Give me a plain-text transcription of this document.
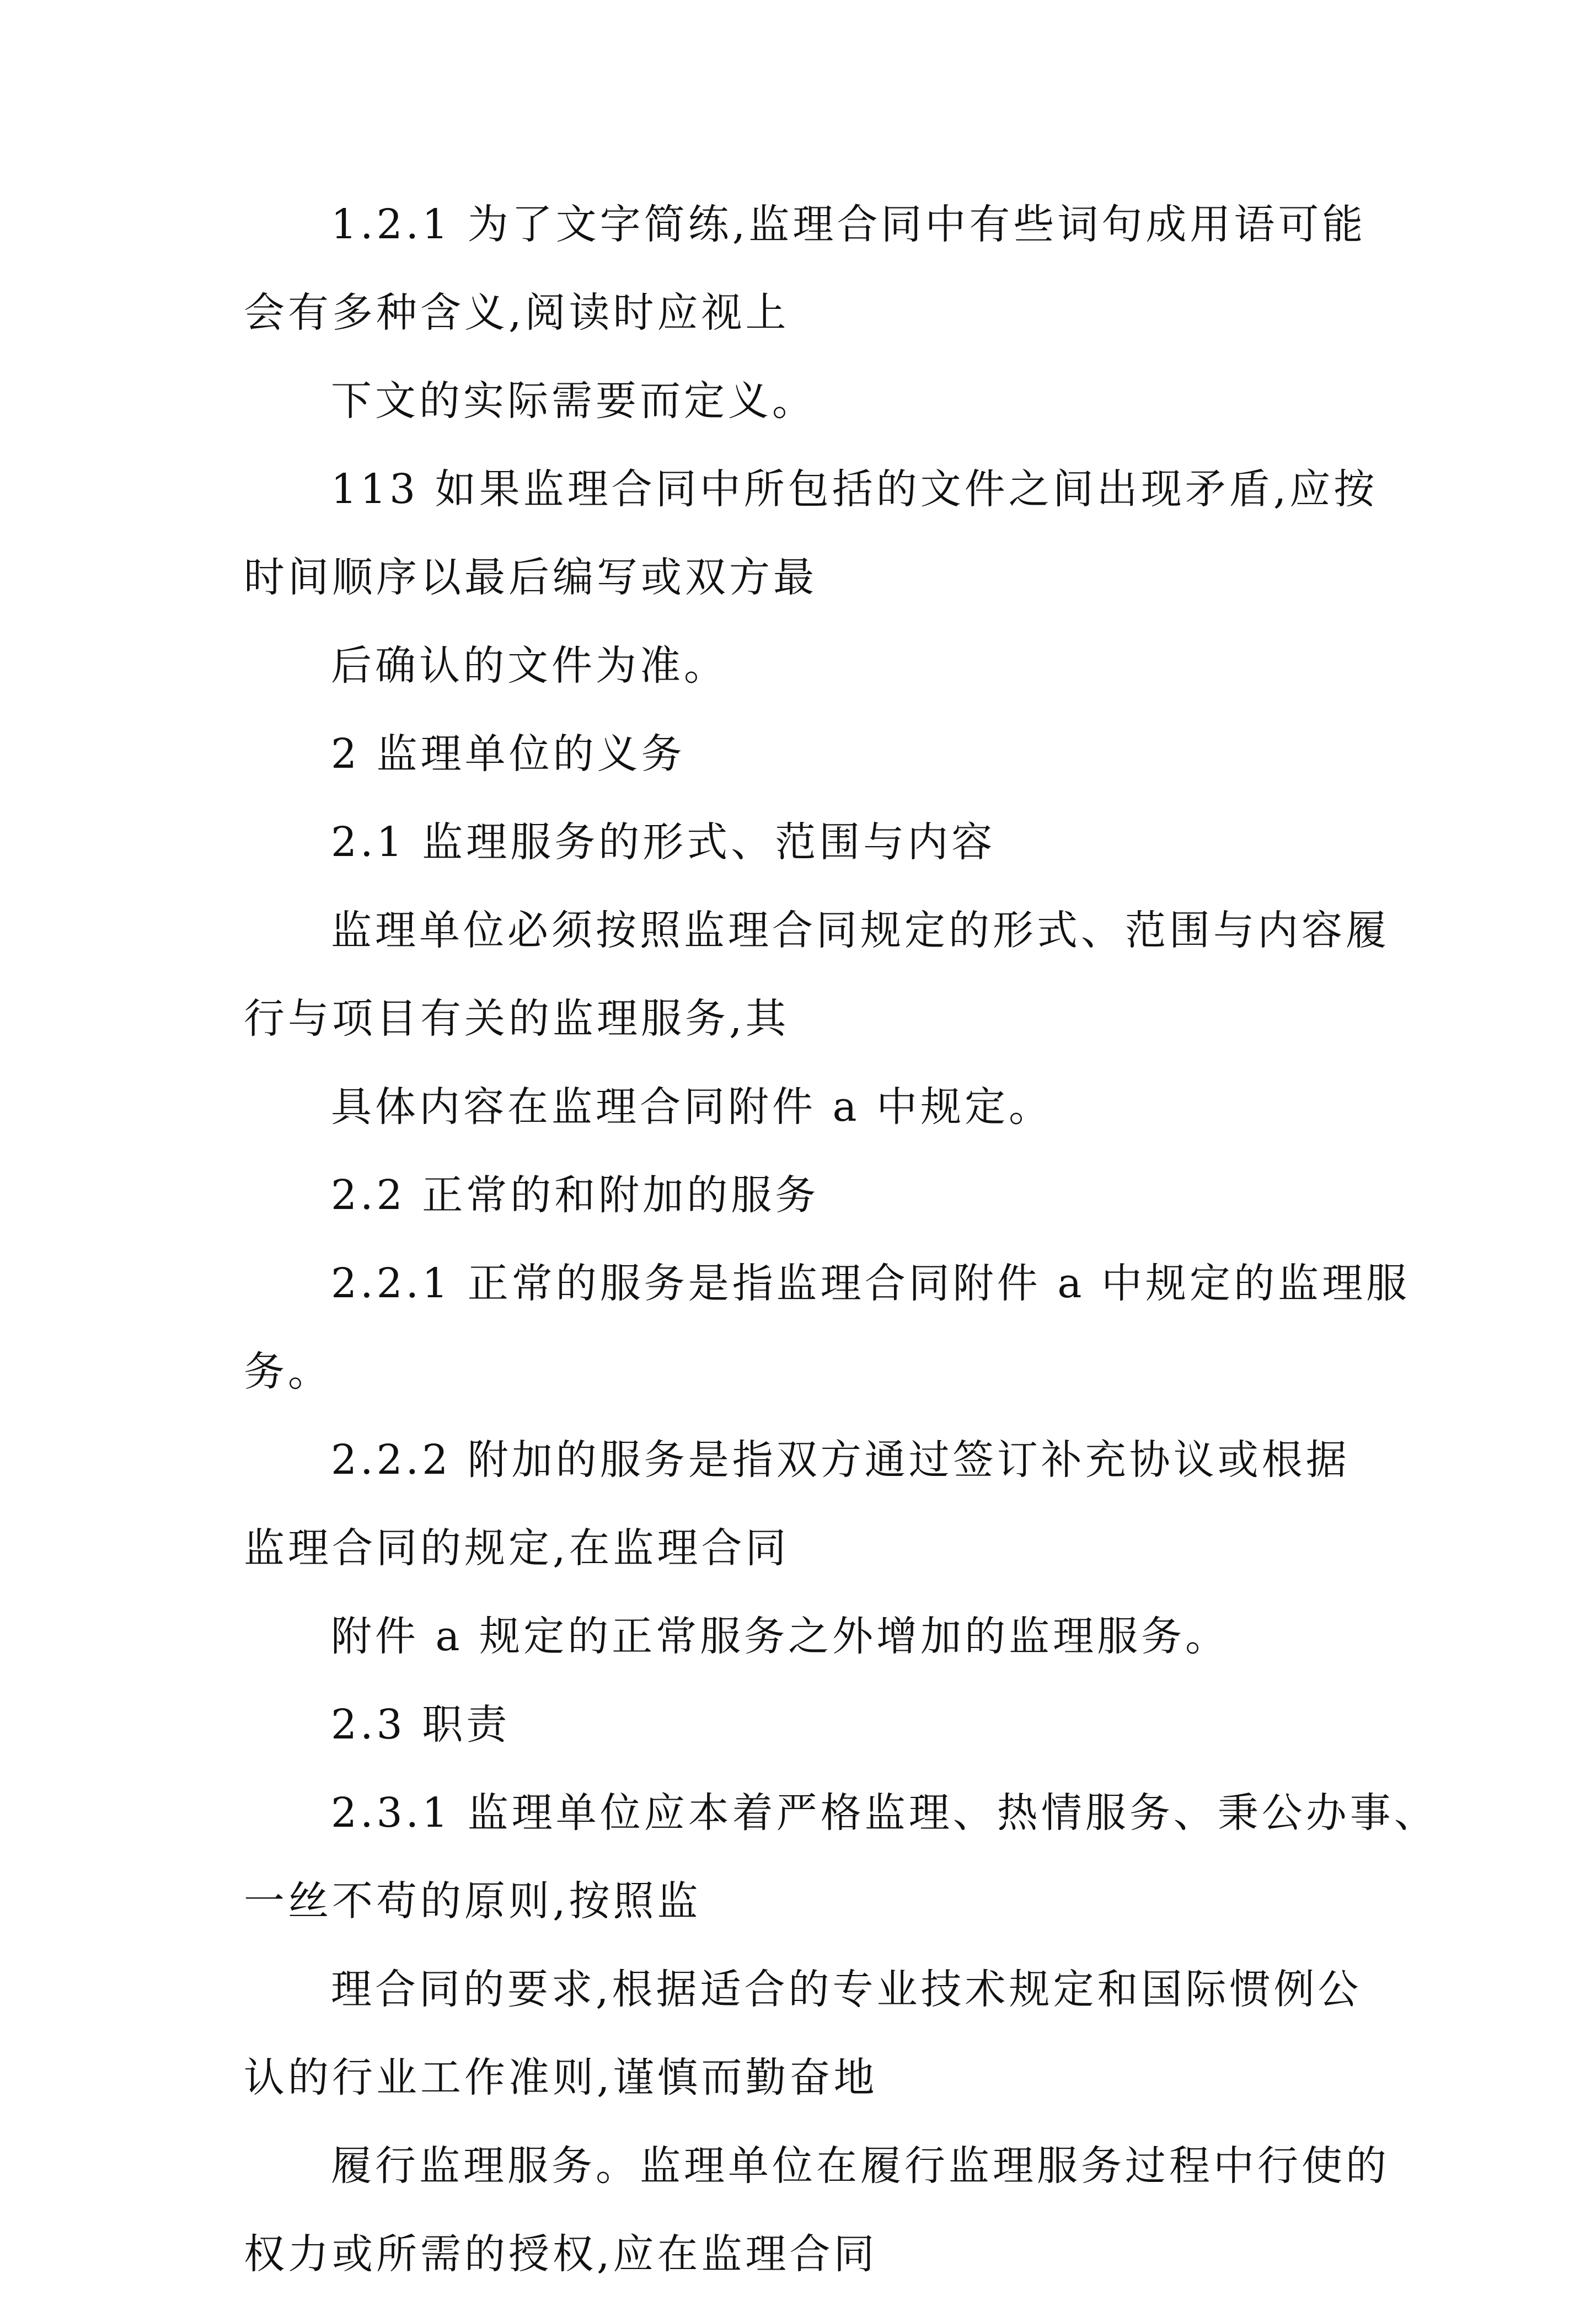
1.2.1 为了文字简练,监理合同中有些词句成用语可能
会有多种含义,阅读时应视上
下文的实际需要而定义。
113 如果监理合同中所包括的文件之间出现矛盾,应按
时间顺序以最后编写或双方最
后确认的文件为准。
2 监理单位的义务
2.1 监理服务的形式、范围与内容
监理单位必须按照监理合同规定的形式、范围与内容履
行与项目有关的监理服务,其
具体内容在监理合同附件 a 中规定。
2.2 正常的和附加的服务
2.2.1 正常的服务是指监理合同附件 a 中规定的监理服
务。
2.2.2 附加的服务是指双方通过签订补充协议或根据
监理合同的规定,在监理合同
附件 a 规定的正常服务之外增加的监理服务。
2.3 职责
2.3.1 监理单位应本着严格监理、热情服务、秉公办事、
一丝不苟的原则,按照监
理合同的要求,根据适合的专业技术规定和国际惯例公
认的行业工作准则,谨慎而勤奋地
履行监理服务。监理单位在履行监理服务过程中行使的
权力或所需的授权,应在监理合同
